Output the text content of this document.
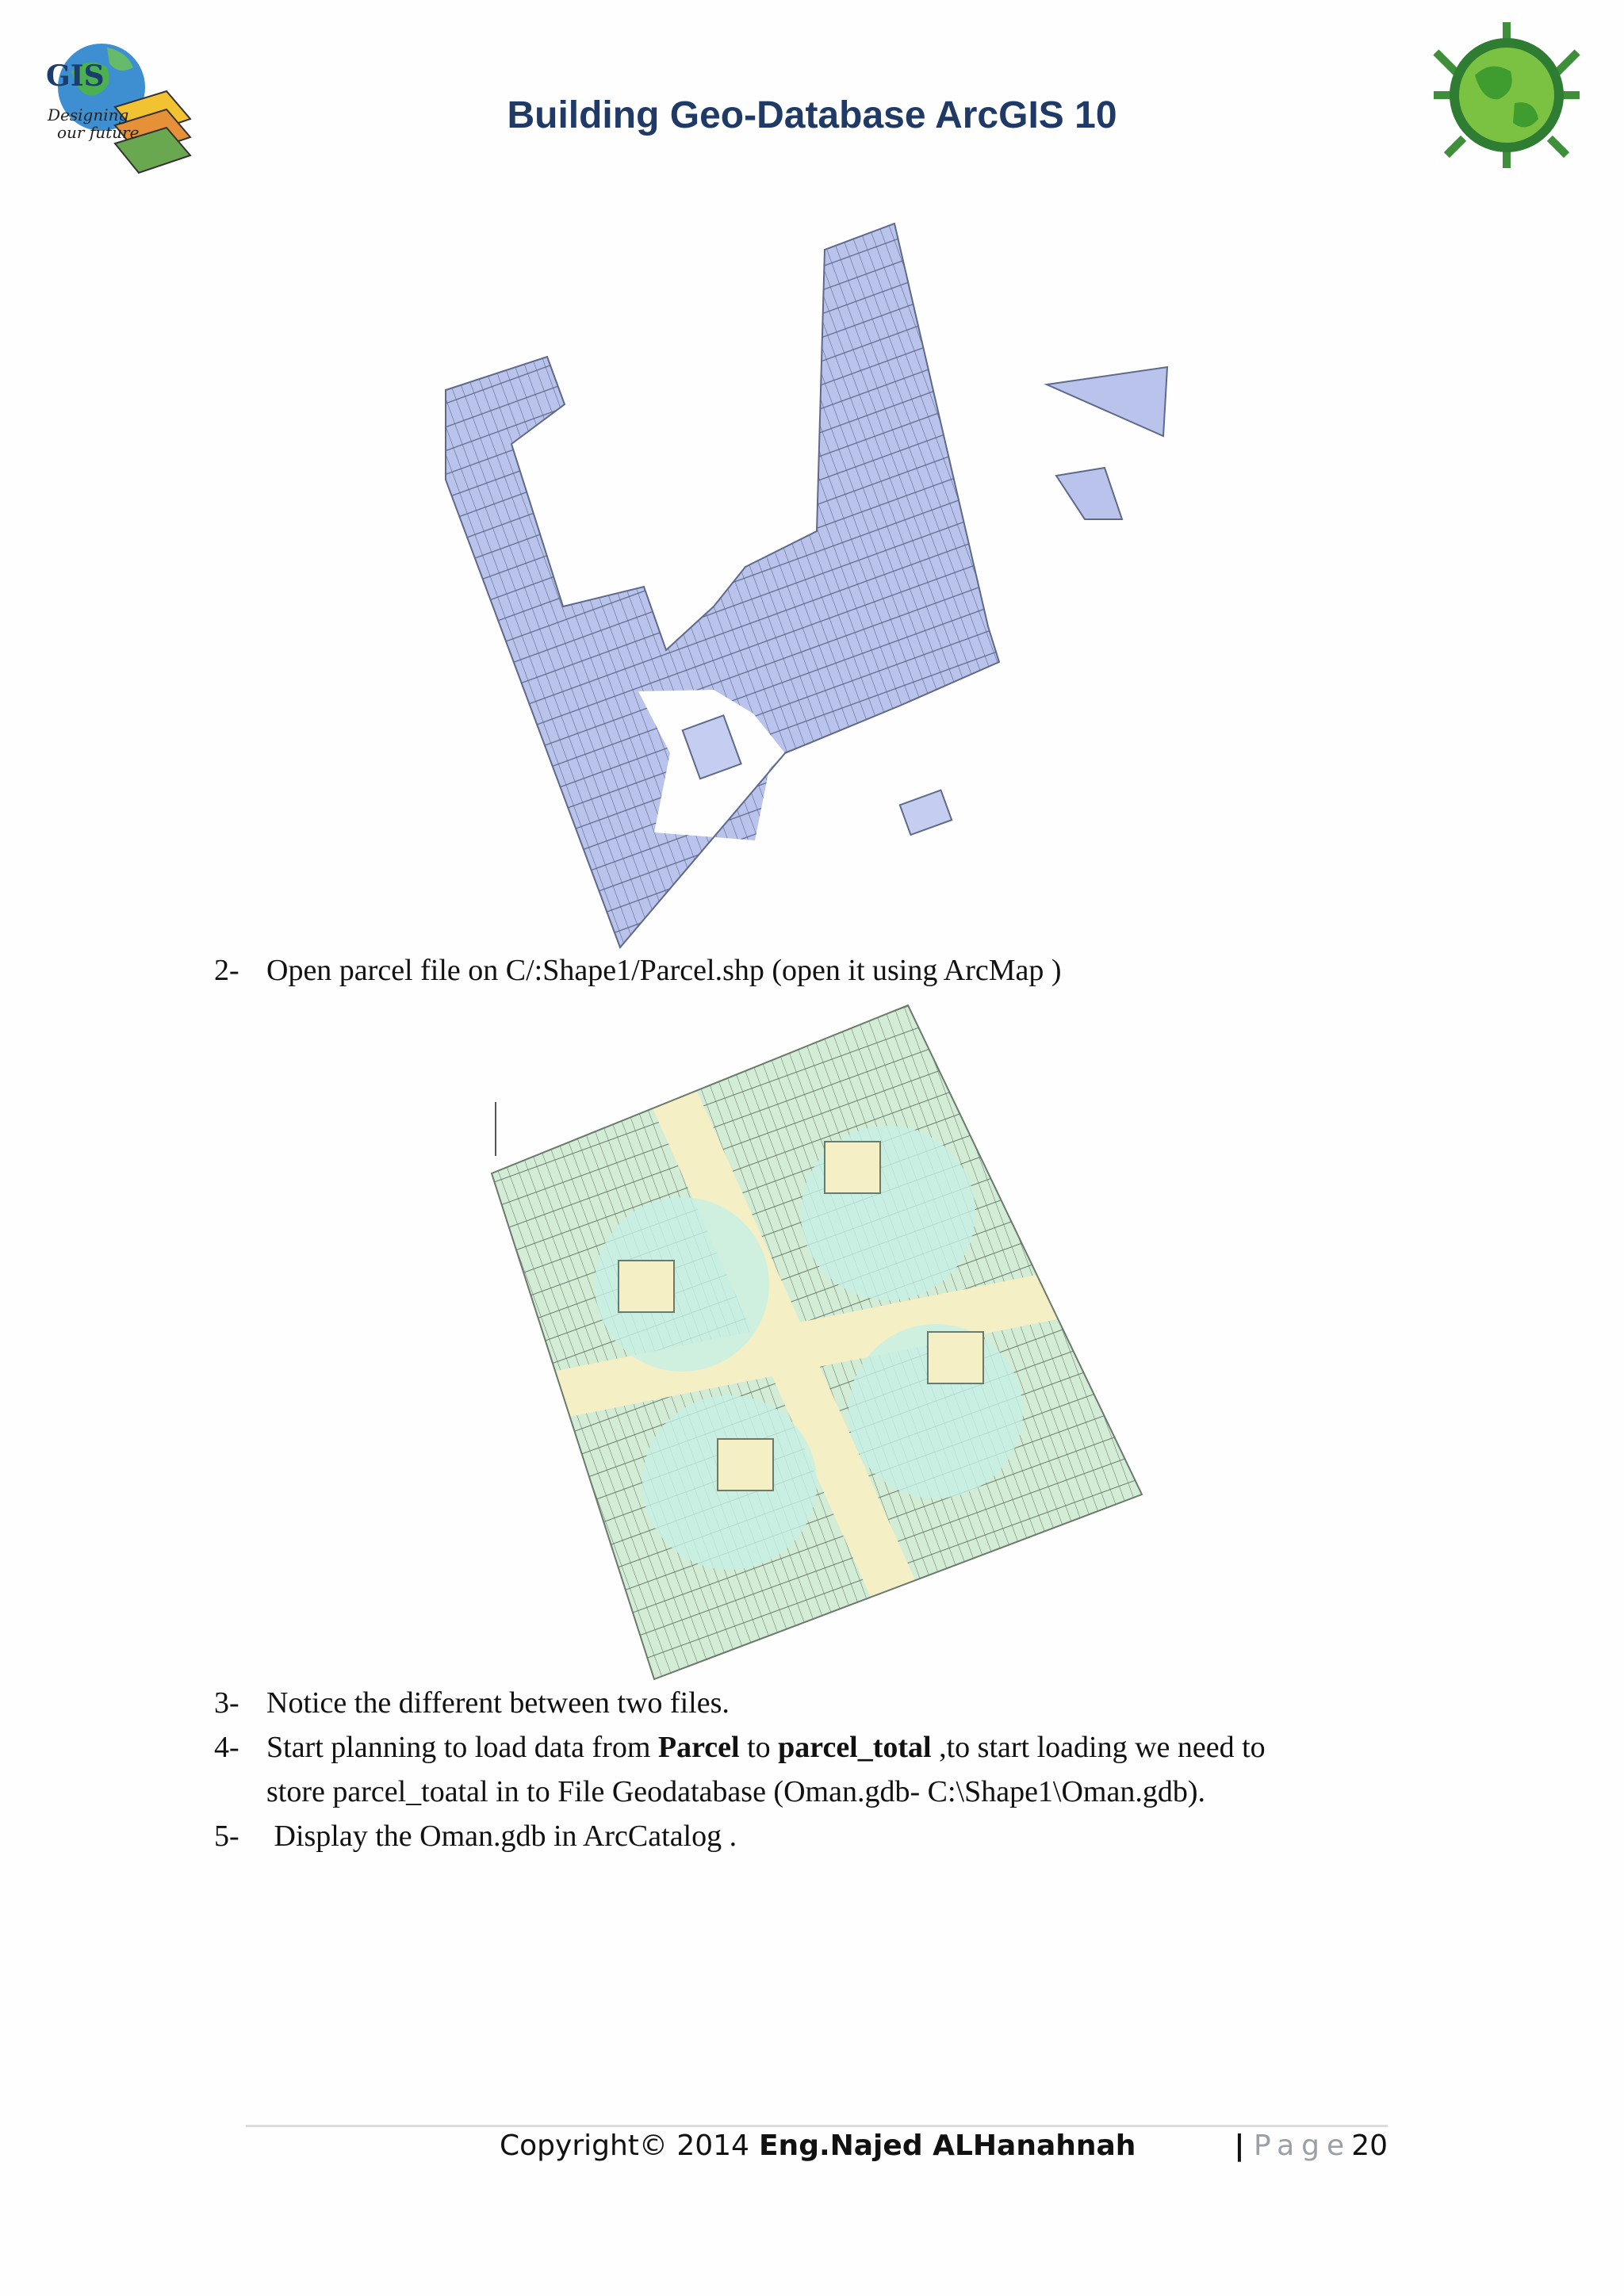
GIS
Designing
our future	Building Geo-Database ArcGIS 10
2- Open parcel file on C/:Shape1/Parcel.shp (open it using ArcMap )
3- Notice the different between two files.
4- Start planning to load data from Parcel to parcel_total ,to start loading we need to
store parcel_toatal in to File Geodatabase (Oman.gdb- C:\Shape1\Oman.gdb).
5- Display the Oman.gdb in ArcCatalog .
Copyright© 2014 Eng.Najed ALHanahnah	| Page20
